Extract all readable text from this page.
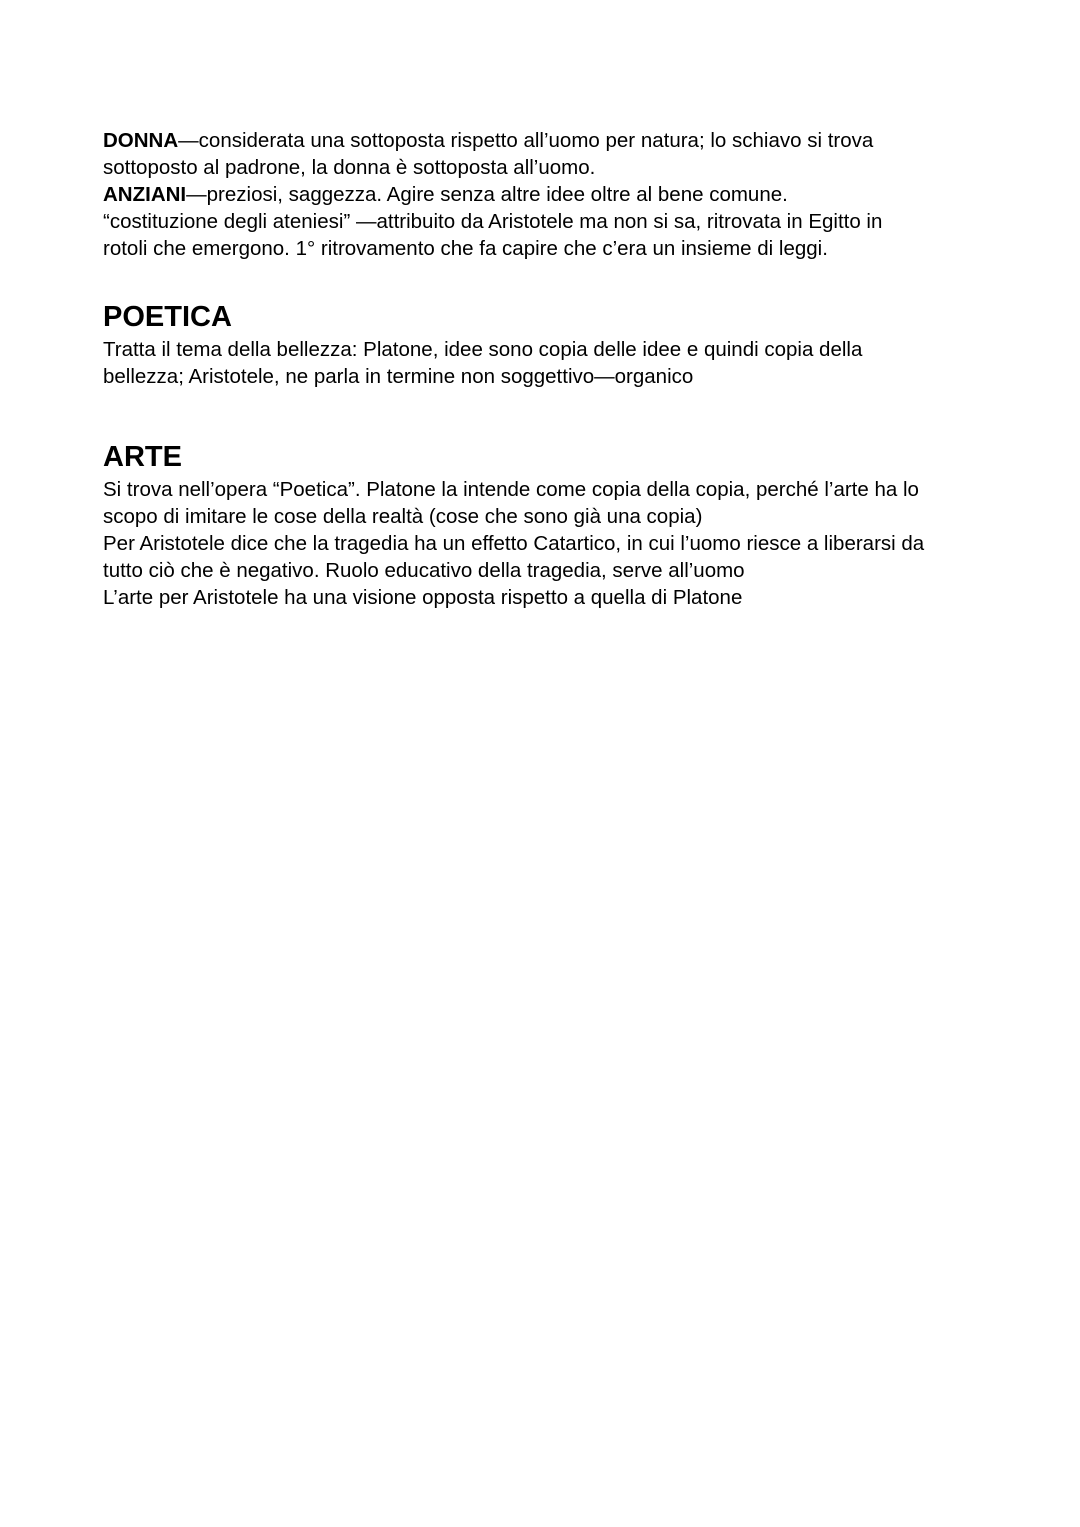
DONNA—considerata una sottoposta rispetto all’uomo per natura; lo schiavo si trova
sottoposto al padrone, la donna è sottoposta all’uomo.
ANZIANI—preziosi, saggezza. Agire senza altre idee oltre al bene comune.
“costituzione degli ateniesi” —attribuito da Aristotele ma non si sa, ritrovata in Egitto in
rotoli che emergono. 1° ritrovamento che fa capire che c’era un insieme di leggi.
POETICA
Tratta il tema della bellezza: Platone, idee sono copia delle idee e quindi copia della
bellezza; Aristotele, ne parla in termine non soggettivo—organico
ARTE
Si trova nell’opera “Poetica”. Platone la intende come copia della copia, perché l’arte ha lo
scopo di imitare le cose della realtà (cose che sono già una copia)
Per Aristotele dice che la tragedia ha un effetto Catartico, in cui l’uomo riesce a liberarsi da
tutto ciò che è negativo. Ruolo educativo della tragedia, serve all’uomo
L’arte per Aristotele ha una visione opposta rispetto a quella di Platone
